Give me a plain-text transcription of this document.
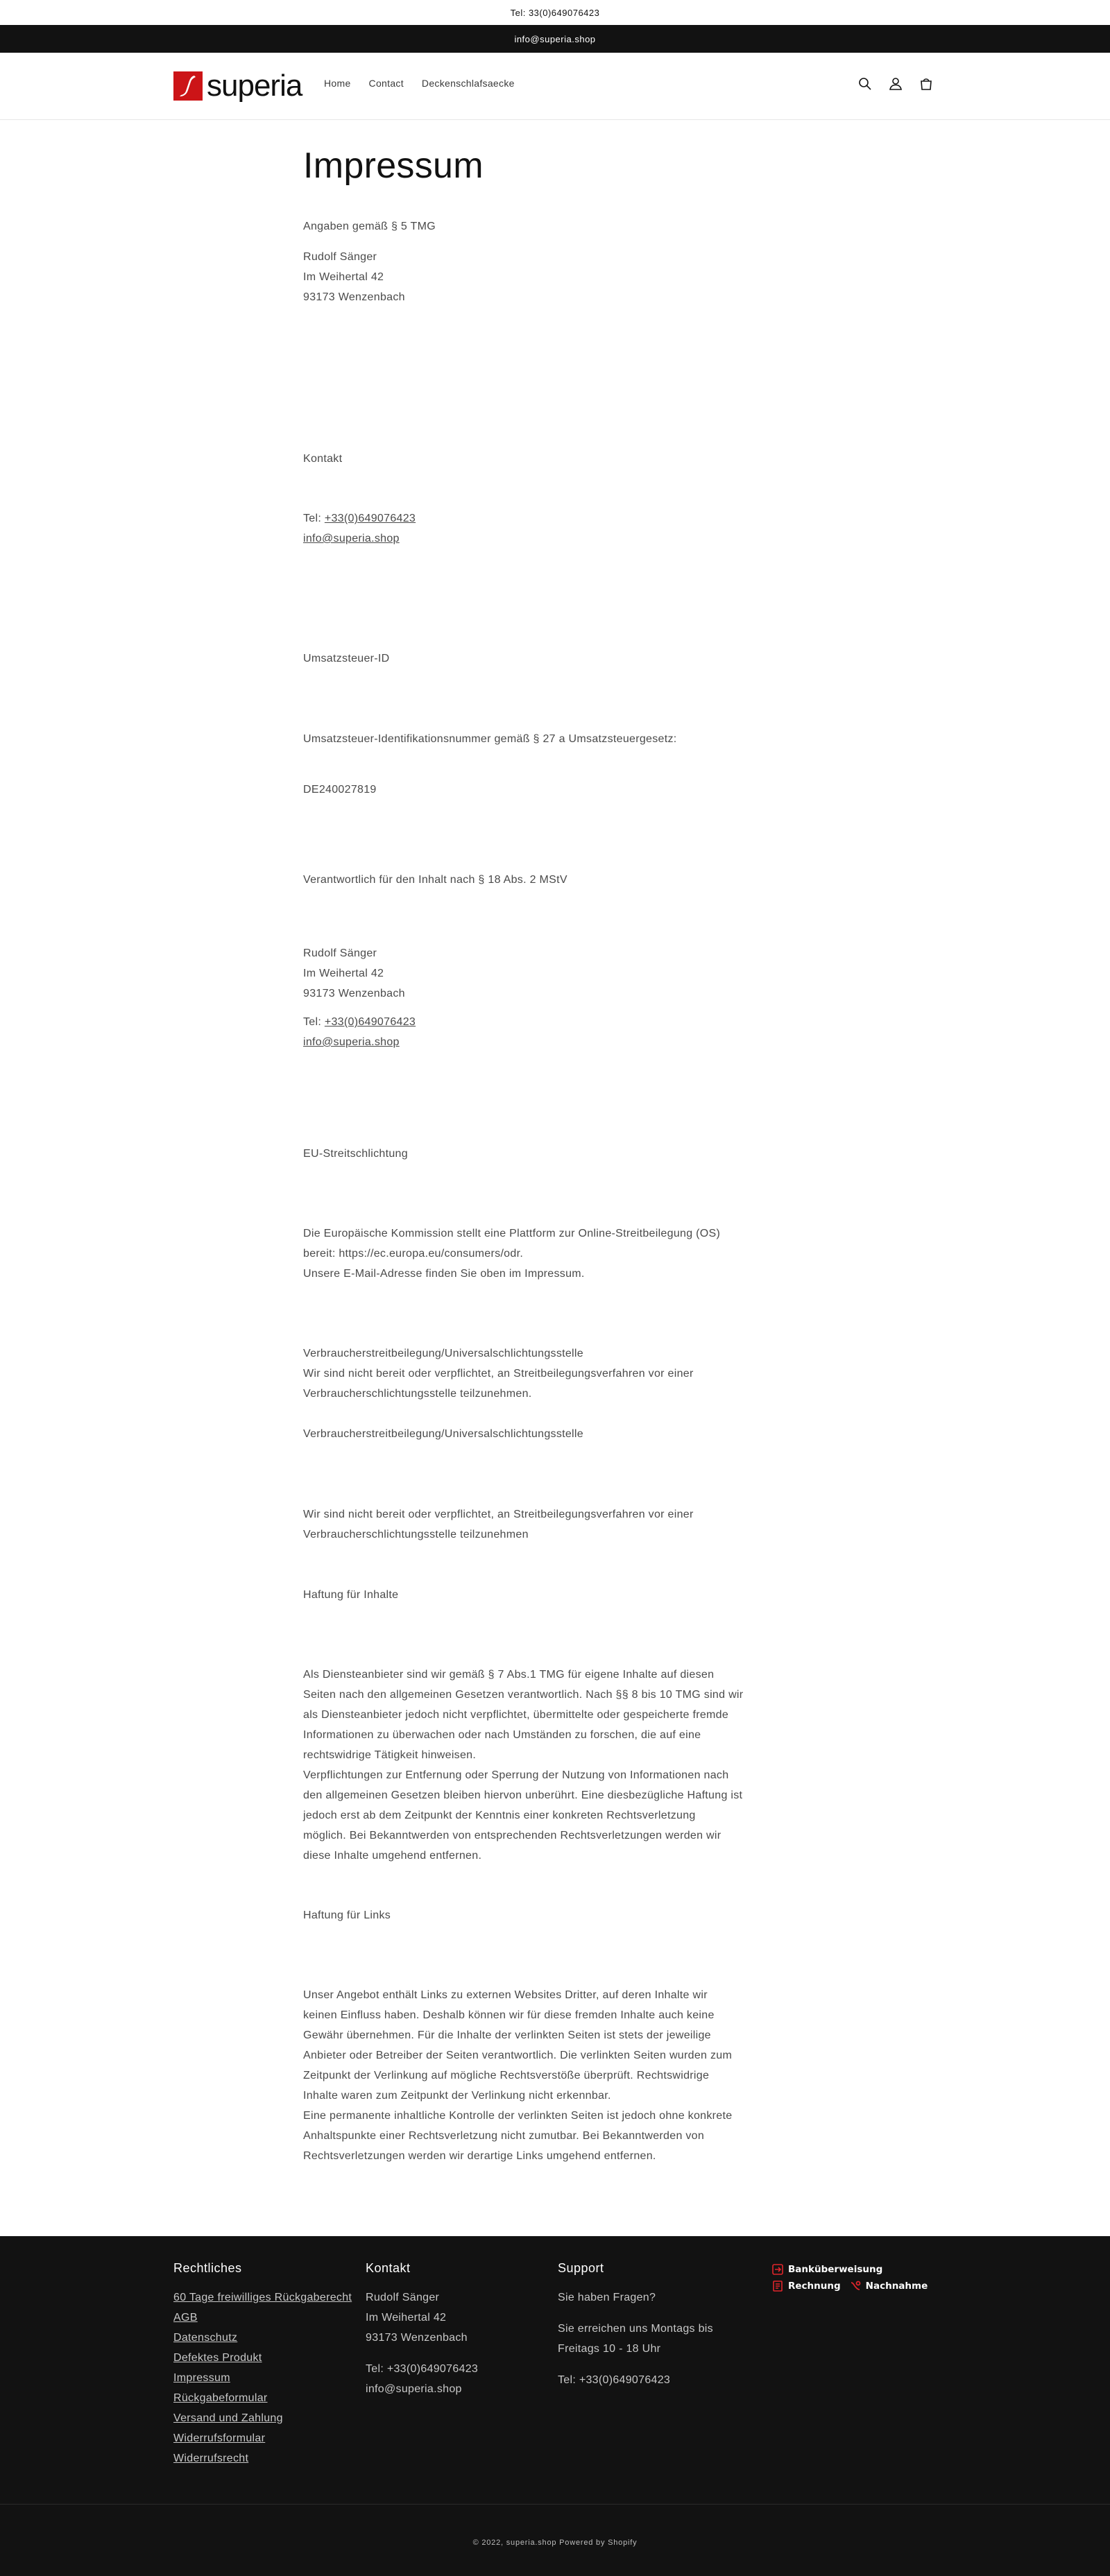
Tel: 33(0)649076423
info@superia.shop
superia Home Contact Deckenschlafsaecke
Impressum
Angaben gemäß § 5 TMG
Rudolf Sänger
Im Weihertal 42
93173 Wenzenbach
Kontakt
Tel: +33(0)649076423
info@superia.shop
Umsatzsteuer-ID
Umsatzsteuer-Identifikationsnummer gemäß § 27 a Umsatzsteuergesetz:
DE240027819
Verantwortlich für den Inhalt nach § 18 Abs. 2 MStV
Rudolf Sänger
Im Weihertal 42
93173 Wenzenbach
Tel: +33(0)649076423
info@superia.shop
EU-Streitschlichtung
Die Europäische Kommission stellt eine Plattform zur Online-Streitbeilegung (OS)
bereit: https://ec.europa.eu/consumers/odr.
Unsere E-Mail-Adresse finden Sie oben im Impressum.
Verbraucherstreitbeilegung/Universalschlichtungsstelle
Wir sind nicht bereit oder verpflichtet, an Streitbeilegungsverfahren vor einer
Verbraucherschlichtungsstelle teilzunehmen.
Verbraucherstreitbeilegung/Universalschlichtungsstelle
Wir sind nicht bereit oder verpflichtet, an Streitbeilegungsverfahren vor einer
Verbraucherschlichtungsstelle teilzunehmen
Haftung für Inhalte
Als Diensteanbieter sind wir gemäß § 7 Abs.1 TMG für eigene Inhalte auf diesen
Seiten nach den allgemeinen Gesetzen verantwortlich. Nach §§ 8 bis 10 TMG sind wir
als Diensteanbieter jedoch nicht verpflichtet, übermittelte oder gespeicherte fremde
Informationen zu überwachen oder nach Umständen zu forschen, die auf eine
rechtswidrige Tätigkeit hinweisen.
Verpflichtungen zur Entfernung oder Sperrung der Nutzung von Informationen nach
den allgemeinen Gesetzen bleiben hiervon unberührt. Eine diesbezügliche Haftung ist
jedoch erst ab dem Zeitpunkt der Kenntnis einer konkreten Rechtsverletzung
möglich. Bei Bekanntwerden von entsprechenden Rechtsverletzungen werden wir
diese Inhalte umgehend entfernen.
Haftung für Links
Unser Angebot enthält Links zu externen Websites Dritter, auf deren Inhalte wir
keinen Einfluss haben. Deshalb können wir für diese fremden Inhalte auch keine
Gewähr übernehmen. Für die Inhalte der verlinkten Seiten ist stets der jeweilige
Anbieter oder Betreiber der Seiten verantwortlich. Die verlinkten Seiten wurden zum
Zeitpunkt der Verlinkung auf mögliche Rechtsverstöße überprüft. Rechtswidrige
Inhalte waren zum Zeitpunkt der Verlinkung nicht erkennbar.
Eine permanente inhaltliche Kontrolle der verlinkten Seiten ist jedoch ohne konkrete
Anhaltspunkte einer Rechtsverletzung nicht zumutbar. Bei Bekanntwerden von
Rechtsverletzungen werden wir derartige Links umgehend entfernen.
Rechtliches
60 Tage freiwilliges Rückgaberecht
AGB
Datenschutz
Defektes Produkt
Impressum
Rückgabeformular
Versand und Zahlung
Widerrufsformular
Widerrufsrecht
Kontakt
Rudolf Sänger
Im Weihertal 42
93173 Wenzenbach
Tel: +33(0)649076423
info@superia.shop
Support
Sie haben Fragen?
Sie erreichen uns Montags bis
Freitags 10 - 18 Uhr
Tel: +33(0)649076423
Banküberweisung
Rechnung	Nachnahme
© 2022, superia.shop Powered by Shopify
